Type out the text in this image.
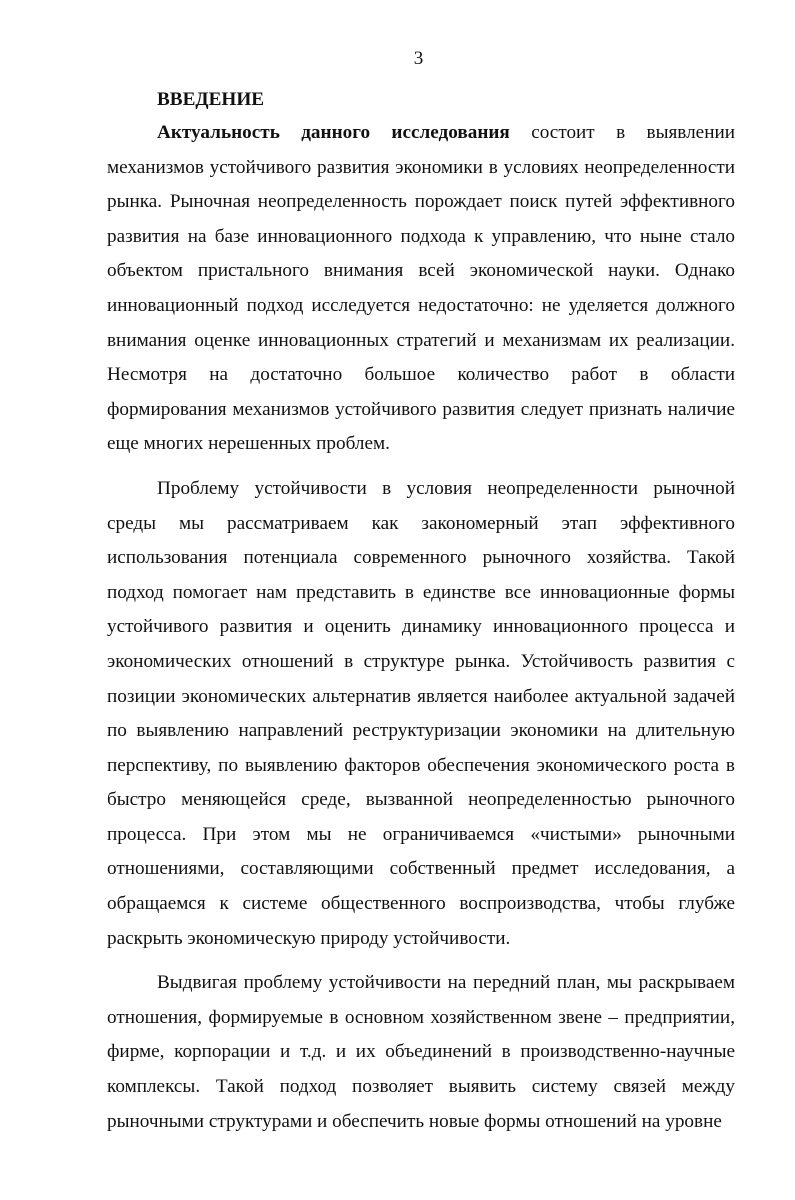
3

ВВЕДЕНИЕ

Актуальность данного исследования состоит в выявлении механизмов устойчивого развития экономики в условиях неопределенности рынка. Рыночная неопределенность порождает поиск путей эффективного развития на базе инновационного подхода к управлению, что ныне стало объектом пристального внимания всей экономической науки. Однако инновационный подход исследуется недостаточно: не уделяется должного внимания оценке инновационных стратегий и механизмам их реализации. Несмотря на достаточно большое количество работ в области формирования механизмов устойчивого развития следует признать наличие еще многих нерешенных проблем.

Проблему устойчивости в условия неопределенности рыночной среды мы рассматриваем как закономерный этап эффективного использования потенциала современного рыночного хозяйства. Такой подход помогает нам представить в единстве все инновационные формы устойчивого развития и оценить динамику инновационного процесса и экономических отношений в структуре рынка. Устойчивость развития с позиции экономических альтернатив является наиболее актуальной задачей по выявлению направлений реструктуризации экономики на длительную перспективу, по выявлению факторов обеспечения экономического роста в быстро меняющейся среде, вызванной неопределенностью рыночного процесса. При этом мы не ограничиваемся «чистыми» рыночными отношениями, составляющими собственный предмет исследования, а обращаемся к системе общественного воспроизводства, чтобы глубже раскрыть экономическую природу устойчивости.

Выдвигая проблему устойчивости на передний план, мы раскрываем отношения, формируемые в основном хозяйственном звене – предприятии, фирме, корпорации и т.д. и их объединений в производственно-научные комплексы. Такой подход позволяет выявить систему связей между рыночными структурами и обеспечить новые формы отношений на уровне
